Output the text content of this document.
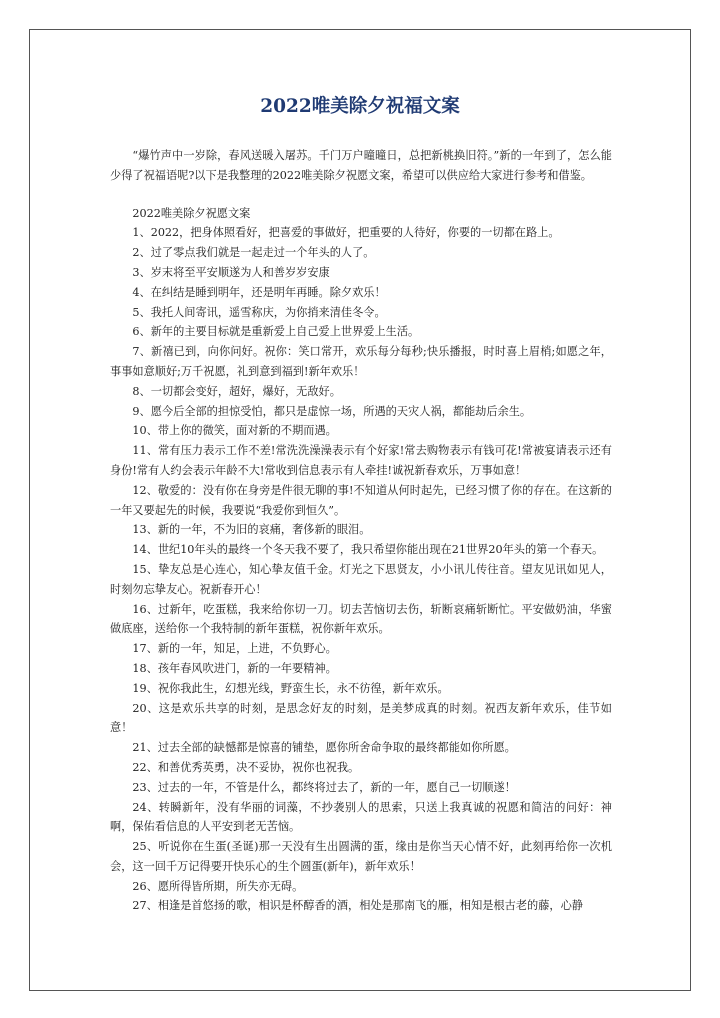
2022唯美除夕祝福文案

“爆竹声中一岁除，春风送暖入屠苏。千门万户曈曈日，总把新桃换旧符。”新的一年到了，怎么能少得了祝福语呢?以下是我整理的2022唯美除夕祝愿文案，希望可以供应给大家进行参考和借鉴。

2022唯美除夕祝愿文案

1、2022，把身体照看好，把喜爱的事做好，把重要的人待好，你要的一切都在路上。

2、过了零点我们就是一起走过一个年头的人了。

3、岁末将至平安顺遂为人和善岁岁安康

4、在纠结是睡到明年，还是明年再睡。除夕欢乐！

5、我托人间寄讯，遥雪称庆，为你捎来清佳冬令。

6、新年的主要目标就是重新爱上自己爱上世界爱上生活。

7、新禧已到，向你问好。祝你：笑口常开，欢乐每分每秒;快乐播报，时时喜上眉梢;如愿之年，事事如意顺好;万千祝愿，礼到意到福到!新年欢乐！

8、一切都会变好，超好，爆好，无敌好。

9、愿今后全部的担惊受怕，都只是虚惊一场，所遇的天灾人祸，都能劫后余生。

10、带上你的微笑，面对新的不期而遇。

11、常有压力表示工作不差!常洗洗澡澡表示有个好家!常去购物表示有钱可花!常被宴请表示还有身份!常有人约会表示年龄不大!常收到信息表示有人牵挂!诚祝新春欢乐，万事如意！

12、敬爱的：没有你在身旁是件很无聊的事!不知道从何时起先，已经习惯了你的存在。在这新的一年又要起先的时候，我要说“我爱你到恒久”。

13、新的一年，不为旧的哀痛，奢侈新的眼泪。

14、世纪10年头的最终一个冬天我不要了，我只希望你能出现在21世界20年头的第一个春天。

15、挚友总是心连心，知心挚友值千金。灯光之下思贤友，小小讯儿传往音。望友见讯如见人，时刻勿忘挚友心。祝新春开心！

16、过新年，吃蛋糕，我来给你切一刀。切去苦恼切去伤，斩断哀痛斩断忙。平安做奶油，华蜜做底座，送给你一个我特制的新年蛋糕，祝你新年欢乐。

17、新的一年，知足，上进，不负野心。

18、孩年春风吹进门，新的一年要精神。

19、祝你我此生，幻想光线，野蛮生长，永不彷徨，新年欢乐。

20、这是欢乐共享的时刻，是思念好友的时刻，是美梦成真的时刻。祝西友新年欢乐，佳节如意！

21、过去全部的缺憾都是惊喜的铺垫，愿你所舍命争取的最终都能如你所愿。

22、和善优秀英勇，决不妥协，祝你也祝我。

23、过去的一年，不管是什么，都终将过去了，新的一年，愿自己一切顺遂！

24、转瞬新年，没有华丽的词藻，不抄袭别人的思索，只送上我真诚的祝愿和简洁的问好：神啊，保佑看信息的人平安到老无苦恼。

25、听说你在生蛋(圣诞)那一天没有生出圆满的蛋，缘由是你当天心情不好，此刻再给你一次机会，这一回千万记得要开快乐心的生个圆蛋(新年)，新年欢乐！

26、愿所得皆所期，所失亦无碍。

27、相逢是首悠扬的歌，相识是杯醇香的酒，相处是那南飞的雁，相知是根古老的藤，心静
